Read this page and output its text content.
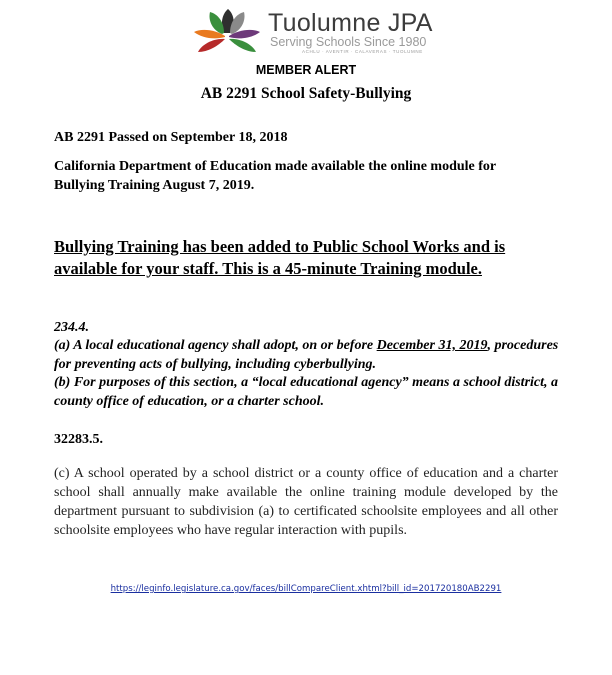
Tuolumne JPA
Serving Schools Since 1980
ACHLU · AVENTIR · CALAVERAS · TUOLUMNE
MEMBER ALERT
AB 2291 School Safety-Bullying
AB 2291 Passed on September 18, 2018
California Department of Education made available the online module for Bullying Training August 7, 2019.
Bullying Training has been added to Public School Works and is available for your staff. This is a 45-minute Training module.
234.4.
(a) A local educational agency shall adopt, on or before December 31, 2019, procedures for preventing acts of bullying, including cyberbullying.
(b) For purposes of this section, a “local educational agency” means a school district, a county office of education, or a charter school.
32283.5.
(c) A school operated by a school district or a county office of education and a charter school shall annually make available the online training module developed by the department pursuant to subdivision (a) to certificated schoolsite employees and all other schoolsite employees who have regular interaction with pupils.
https://leginfo.legislature.ca.gov/faces/billCompareClient.xhtml?bill_id=201720180AB2291
